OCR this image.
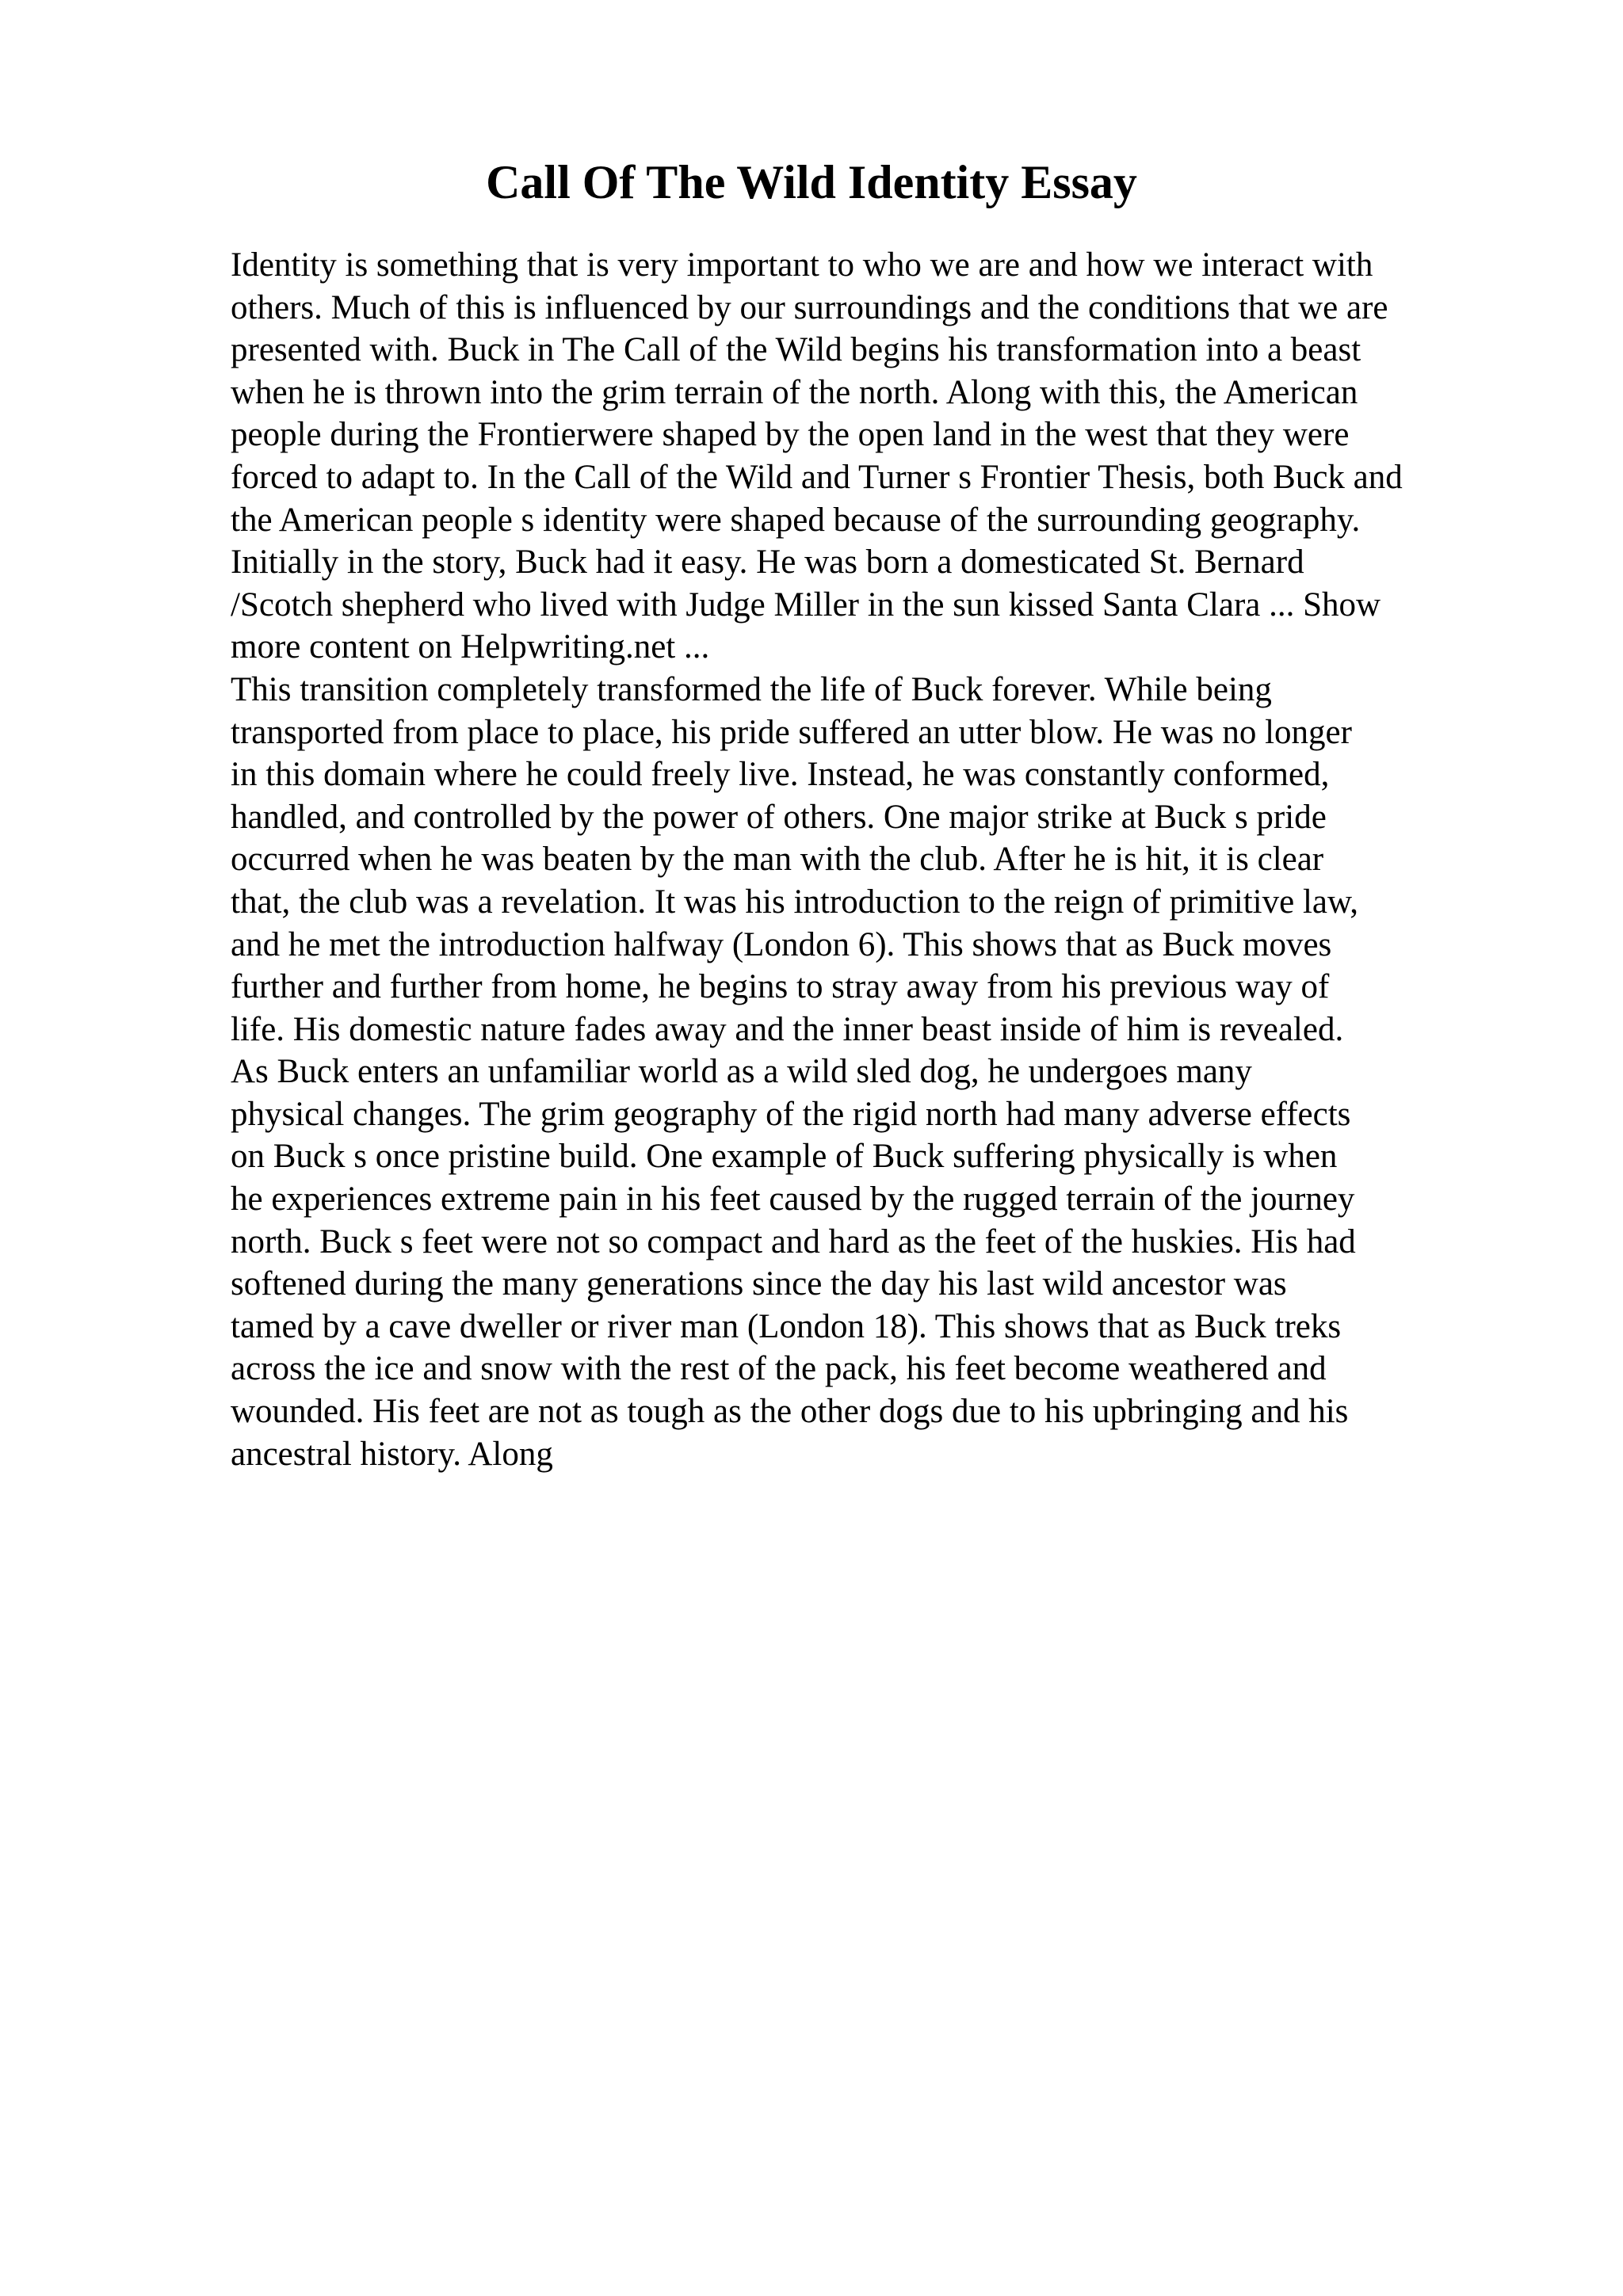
Call Of The Wild Identity Essay
Identity is something that is very important to who we are and how we interact with
others. Much of this is influenced by our surroundings and the conditions that we are
presented with. Buck in The Call of the Wild begins his transformation into a beast
when he is thrown into the grim terrain of the north. Along with this, the American
people during the Frontierwere shaped by the open land in the west that they were
forced to adapt to. In the Call of the Wild and Turner s Frontier Thesis, both Buck and
the American people s identity were shaped because of the surrounding geography.
Initially in the story, Buck had it easy. He was born a domesticated St. Bernard
/Scotch shepherd who lived with Judge Miller in the sun kissed Santa Clara ... Show
more content on Helpwriting.net ...
This transition completely transformed the life of Buck forever. While being
transported from place to place, his pride suffered an utter blow. He was no longer
in this domain where he could freely live. Instead, he was constantly conformed,
handled, and controlled by the power of others. One major strike at Buck s pride
occurred when he was beaten by the man with the club. After he is hit, it is clear
that, the club was a revelation. It was his introduction to the reign of primitive law,
and he met the introduction halfway (London 6). This shows that as Buck moves
further and further from home, he begins to stray away from his previous way of
life. His domestic nature fades away and the inner beast inside of him is revealed.
As Buck enters an unfamiliar world as a wild sled dog, he undergoes many
physical changes. The grim geography of the rigid north had many adverse effects
on Buck s once pristine build. One example of Buck suffering physically is when
he experiences extreme pain in his feet caused by the rugged terrain of the journey
north. Buck s feet were not so compact and hard as the feet of the huskies. His had
softened during the many generations since the day his last wild ancestor was
tamed by a cave dweller or river man (London 18). This shows that as Buck treks
across the ice and snow with the rest of the pack, his feet become weathered and
wounded. His feet are not as tough as the other dogs due to his upbringing and his
ancestral history. Along
